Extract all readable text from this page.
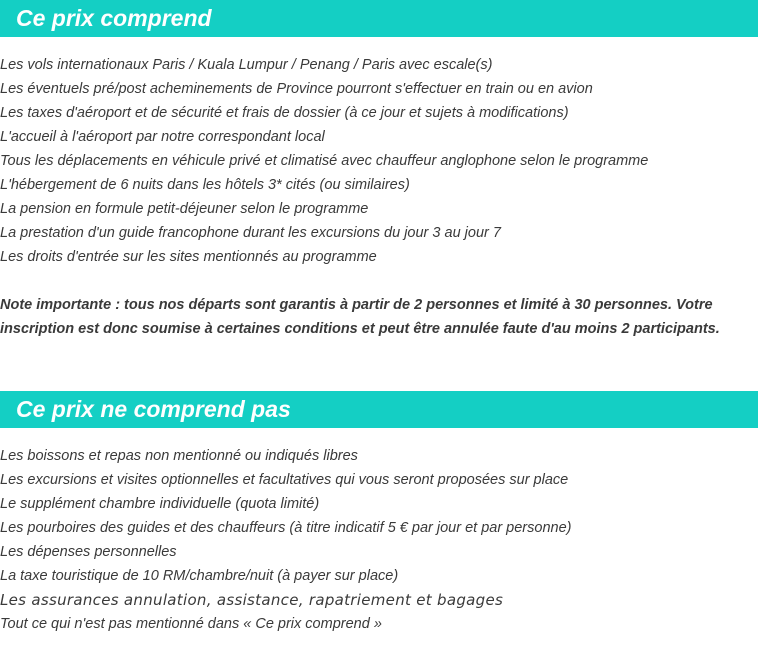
Ce prix comprend
Les vols internationaux Paris / Kuala Lumpur / Penang / Paris avec escale(s)
Les éventuels pré/post acheminements de Province pourront s'effectuer en train ou en avion
Les taxes d'aéroport et de sécurité et frais de dossier (à ce jour et sujets à modifications)
L'accueil à l'aéroport par notre correspondant local
Tous les déplacements en véhicule privé et climatisé avec chauffeur anglophone selon le programme
L'hébergement de 6 nuits dans les hôtels 3* cités (ou similaires)
La pension en formule petit-déjeuner selon le programme
La prestation d'un guide francophone durant les excursions du jour 3 au jour 7
Les droits d'entrée sur les sites mentionnés au programme

Note importante : tous nos départs sont garantis à partir de 2 personnes et limité à 30 personnes. Votre inscription est donc soumise à certaines conditions et peut être annulée faute d'au moins 2 participants.

Ce prix ne comprend pas
Les boissons et repas non mentionné ou indiqués libres
Les excursions et visites optionnelles et facultatives qui vous seront proposées sur place
Le supplément chambre individuelle (quota limité)
Les pourboires des guides et des chauffeurs (à titre indicatif 5 € par jour et par personne)
Les dépenses personnelles
La taxe touristique de 10 RM/chambre/nuit (à payer sur place)
Les assurances annulation, assistance, rapatriement et bagages
Tout ce qui n'est pas mentionné dans « Ce prix comprend »
